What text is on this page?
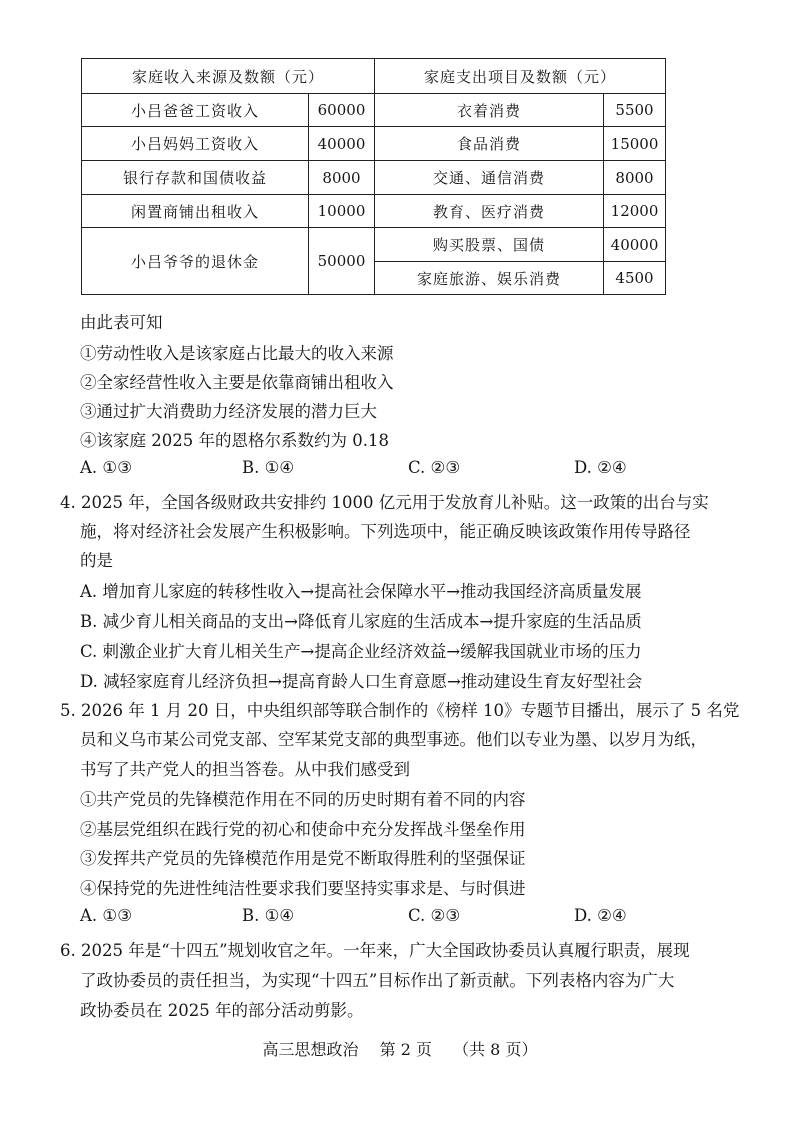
家庭收入来源及数额（元）		家庭支出项目及数额（元）	
小吕爸爸工资收入	60000	衣着消费	5500
小吕妈妈工资收入	40000	食品消费	15000
银行存款和国债收益	8000	交通、通信消费	8000
闲置商铺出租收入	10000	教育、医疗消费	12000
小吕爷爷的退休金	50000	购买股票、国债	40000
		家庭旅游、娱乐消费	4500
由此表可知
①劳动性收入是该家庭占比最大的收入来源
②全家经营性收入主要是依靠商铺出租收入
③通过扩大消费助力经济发展的潜力巨大
④该家庭 2025 年的恩格尔系数约为 0.18
A. ①③	B. ①④	C. ②③	D. ②④
4. 2025 年，全国各级财政共安排约 1000 亿元用于发放育儿补贴。这一政策的出台与实
施，将对经济社会发展产生积极影响。下列选项中，能正确反映该政策作用传导路径
的是
A. 增加育儿家庭的转移性收入→提高社会保障水平→推动我国经济高质量发展
B. 减少育儿相关商品的支出→降低育儿家庭的生活成本→提升家庭的生活品质
C. 刺激企业扩大育儿相关生产→提高企业经济效益→缓解我国就业市场的压力
D. 减轻家庭育儿经济负担→提高育龄人口生育意愿→推动建设生育友好型社会
5. 2026 年 1 月 20 日，中央组织部等联合制作的《榜样 10》专题节目播出，展示了 5 名党
员和义乌市某公司党支部、空军某党支部的典型事迹。他们以专业为墨、以岁月为纸，
书写了共产党人的担当答卷。从中我们感受到
①共产党员的先锋模范作用在不同的历史时期有着不同的内容
②基层党组织在践行党的初心和使命中充分发挥战斗堡垒作用
③发挥共产党员的先锋模范作用是党不断取得胜利的坚强保证
④保持党的先进性纯洁性要求我们要坚持实事求是、与时俱进
A. ①③	B. ①④	C. ②③	D. ②④
6. 2025 年是“十四五”规划收官之年。一年来，广大全国政协委员认真履行职责，展现
了政协委员的责任担当，为实现“十四五”目标作出了新贡献。下列表格内容为广大
政协委员在 2025 年的部分活动剪影。
高三思想政治 第 2 页 （共 8 页）
